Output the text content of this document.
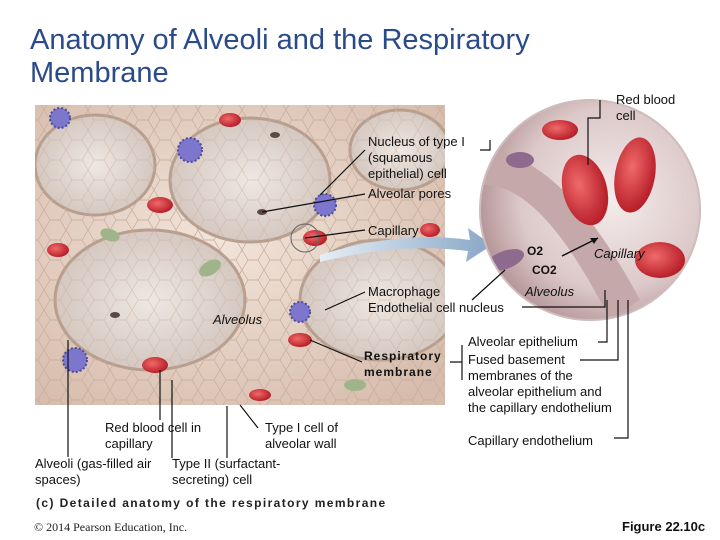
Anatomy of Alveoli and the Respiratory Membrane
Red blood cell
Nucleus of type I (squamous epithelial) cell
Alveolar pores
Capillary
O2
CO2
Capillary
Alveolus
Macrophage
Endothelial cell nucleus
Alveolus
Respiratory membrane
Alveolar epithelium
Fused basement membranes of the alveolar epithelium and the capillary endothelium
Capillary endothelium
Red blood cell in capillary
Type I cell of alveolar wall
Alveoli (gas-filled air spaces)
Type II (surfactant-secreting) cell
(c) Detailed anatomy of the respiratory membrane
© 2014 Pearson Education, Inc.	Figure 22.10c
